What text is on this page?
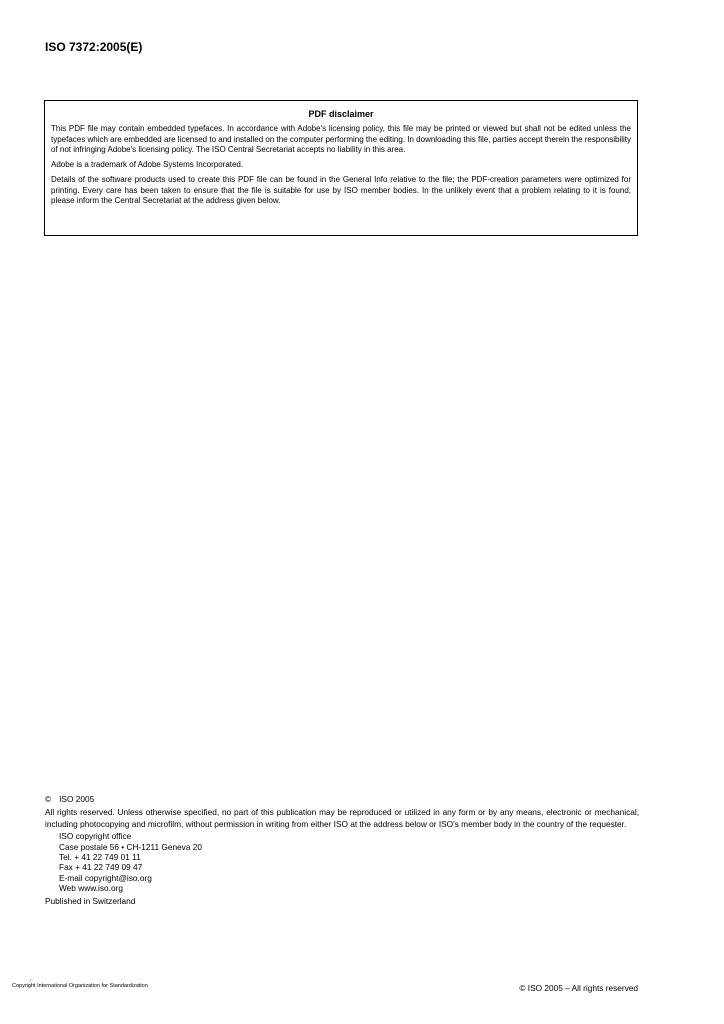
ISO 7372:2005(E)
PDF disclaimer

This PDF file may contain embedded typefaces. In accordance with Adobe's licensing policy, this file may be printed or viewed but shall not be edited unless the typefaces which are embedded are licensed to and installed on the computer performing the editing. In downloading this file, parties accept therein the responsibility of not infringing Adobe's licensing policy. The ISO Central Secretariat accepts no liability in this area.

Adobe is a trademark of Adobe Systems Incorporated.

Details of the software products used to create this PDF file can be found in the General Info relative to the file; the PDF-creation parameters were optimized for printing. Every care has been taken to ensure that the file is suitable for use by ISO member bodies. In the unlikely event that a problem relating to it is found, please inform the Central Secretariat at the address given below.

© ISO 2005
All rights reserved. Unless otherwise specified, no part of this publication may be reproduced or utilized in any form or by any means, electronic or mechanical, including photocopying and microfilm, without permission in writing from either ISO at the address below or ISO's member body in the country of the requester.
ISO copyright office
Case postale 56 • CH-1211 Geneva 20
Tel. + 41 22 749 01 11
Fax + 41 22 749 09 47
E-mail copyright@iso.org
Web www.iso.org
Published in Switzerland
::
Copyright International Organization for Standardization	© ISO 2005 – All rights reserved
